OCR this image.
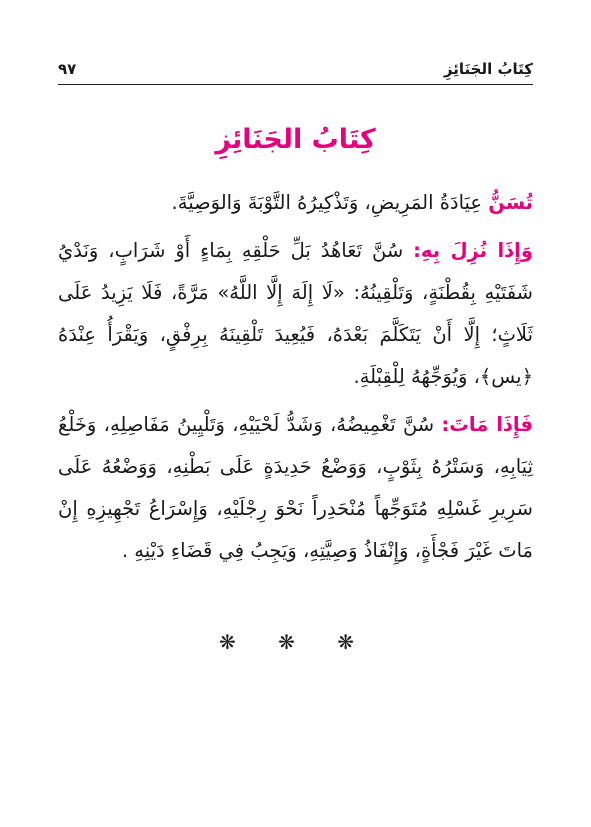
كِتَابُ الجَنَائِزِ
٩٧
كِتَابُ الجَنَائِزِ

تُسَنُّ عِيَادَةُ المَرِيضِ، وَتَذْكِيرُهُ التَّوْبَةَ وَالوَصِيَّةَ.

وَإِذَا نُزِلَ بِهِ: سُنَّ تَعَاهُدُ بَلِّ حَلْقِهِ بِمَاءٍ أَوْ شَرَابٍ، وَنَدْيُ شَفَتَيْهِ بِقُطْنَةٍ، وَتَلْقِينُهُ: «لَا إِلَهَ إِلَّا اللَّهُ» مَرَّةً، فَلَا يَزِيدُ عَلَى ثَلَاثٍ؛ إِلَّا أَنْ يَتَكَلَّمَ بَعْدَهُ، فَيُعِيدَ تَلْقِينَهُ بِرِفْقٍ، وَيَقْرَأُ عِنْدَهُ ﴿يس﴾، وَيُوَجِّهُهُ لِلْقِبْلَةِ.

فَإِذَا مَاتَ: سُنَّ تَغْمِيضُهُ، وَشَدُّ لَحْيَيْهِ، وَتَلْيِينُ مَفَاصِلِهِ، وَخَلْعُ ثِيَابِهِ، وَسَتْرُهُ بِثَوْبٍ، وَوَضْعُ حَدِيدَةٍ عَلَى بَطْنِهِ، وَوَضْعُهُ عَلَى سَرِيرِ غَسْلِهِ مُتَوَجِّهاً مُنْحَدِراً نَحْوَ رِجْلَيْهِ، وَإِسْرَاعُ تَجْهِيزِهِ إِنْ مَاتَ غَيْرَ فَجْأَةٍ، وَإِنْفَاذُ وَصِيَّتِهِ، وَيَجِبُ فِي قَضَاءِ دَيْنِهِ .

❋ ❋ ❋
